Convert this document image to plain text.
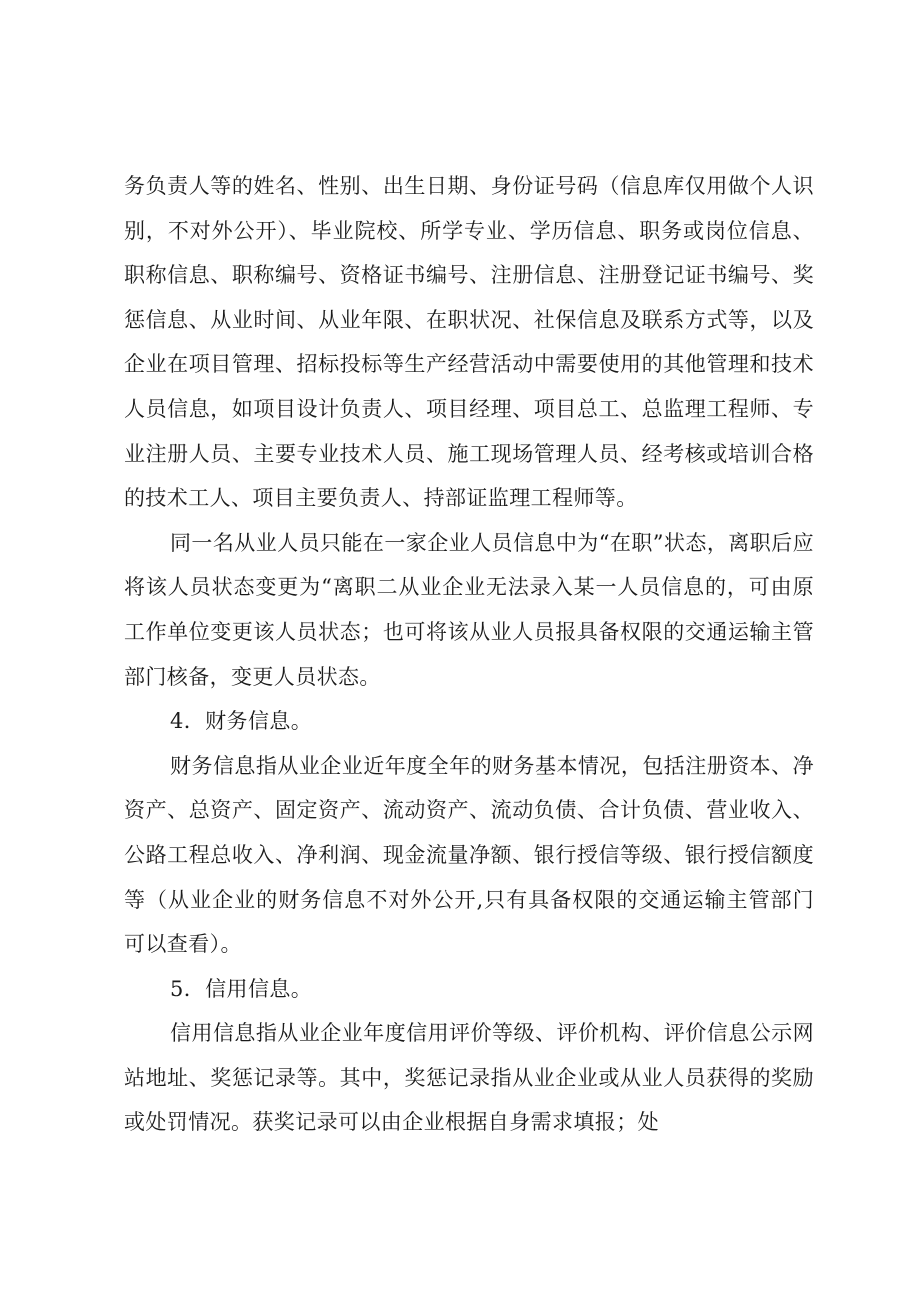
务负责人等的姓名、性别、出生日期、身份证号码（信息库仅用做个人识别，不对外公开）、毕业院校、所学专业、学历信息、职务或岗位信息、职称信息、职称编号、资格证书编号、注册信息、注册登记证书编号、奖惩信息、从业时间、从业年限、在职状况、社保信息及联系方式等，以及企业在项目管理、招标投标等生产经营活动中需要使用的其他管理和技术人员信息，如项目设计负责人、项目经理、项目总工、总监理工程师、专业注册人员、主要专业技术人员、施工现场管理人员、经考核或培训合格的技术工人、项目主要负责人、持部证监理工程师等。

同一名从业人员只能在一家企业人员信息中为“在职”状态，离职后应将该人员状态变更为“离职二从业企业无法录入某一人员信息的，可由原工作单位变更该人员状态；也可将该从业人员报具备权限的交通运输主管部门核备，变更人员状态。

4．财务信息。

财务信息指从业企业近年度全年的财务基本情况，包括注册资本、净资产、总资产、固定资产、流动资产、流动负债、合计负债、营业收入、公路工程总收入、净利润、现金流量净额、银行授信等级、银行授信额度等（从业企业的财务信息不对外公开,只有具备权限的交通运输主管部门可以查看）。

5．信用信息。

信用信息指从业企业年度信用评价等级、评价机构、评价信息公示网站地址、奖惩记录等。其中，奖惩记录指从业企业或从业人员获得的奖励或处罚情况。获奖记录可以由企业根据自身需求填报；处
